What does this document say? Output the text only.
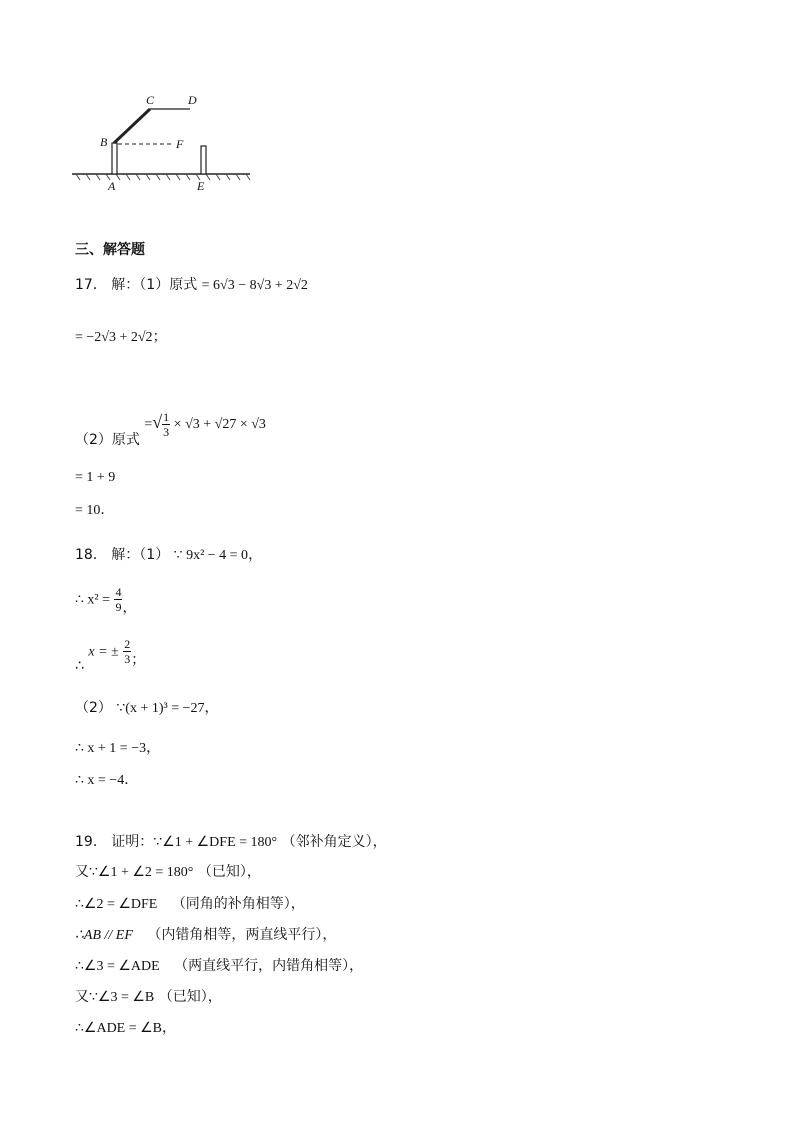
C	D
B	F
A	E
三、解答题
17． 解：（1）原式 = 6√3 − 8√3 + 2√2
= −2√3 + 2√2；
（2）原式 =√ $\frac{1}{3} \times √3 + √27 \times √3$
= 1 + 9
= 10．
18． 解：（1） ∵ 9x² − 4 = 0，
∴ $x^2 = \frac{4}{9}$ ，
∴ x = ± $\frac{2}{3}$ ；
（2） ∵(x + 1)³ = −27，
∴ x + 1 = −3，
∴ x = −4．
19． 证明：∵∠1 + ∠DFE = 180° （邻补角定义），
又∵∠1 + ∠2 = 180° （已知），
∴∠2 = ∠DFE （同角的补角相等），
∴AB // EF （内错角相等，两直线平行），
∴∠3 = ∠ADE （两直线平行，内错角相等），
又∵∠3 = ∠B （已知），
∴∠ADE = ∠B，
